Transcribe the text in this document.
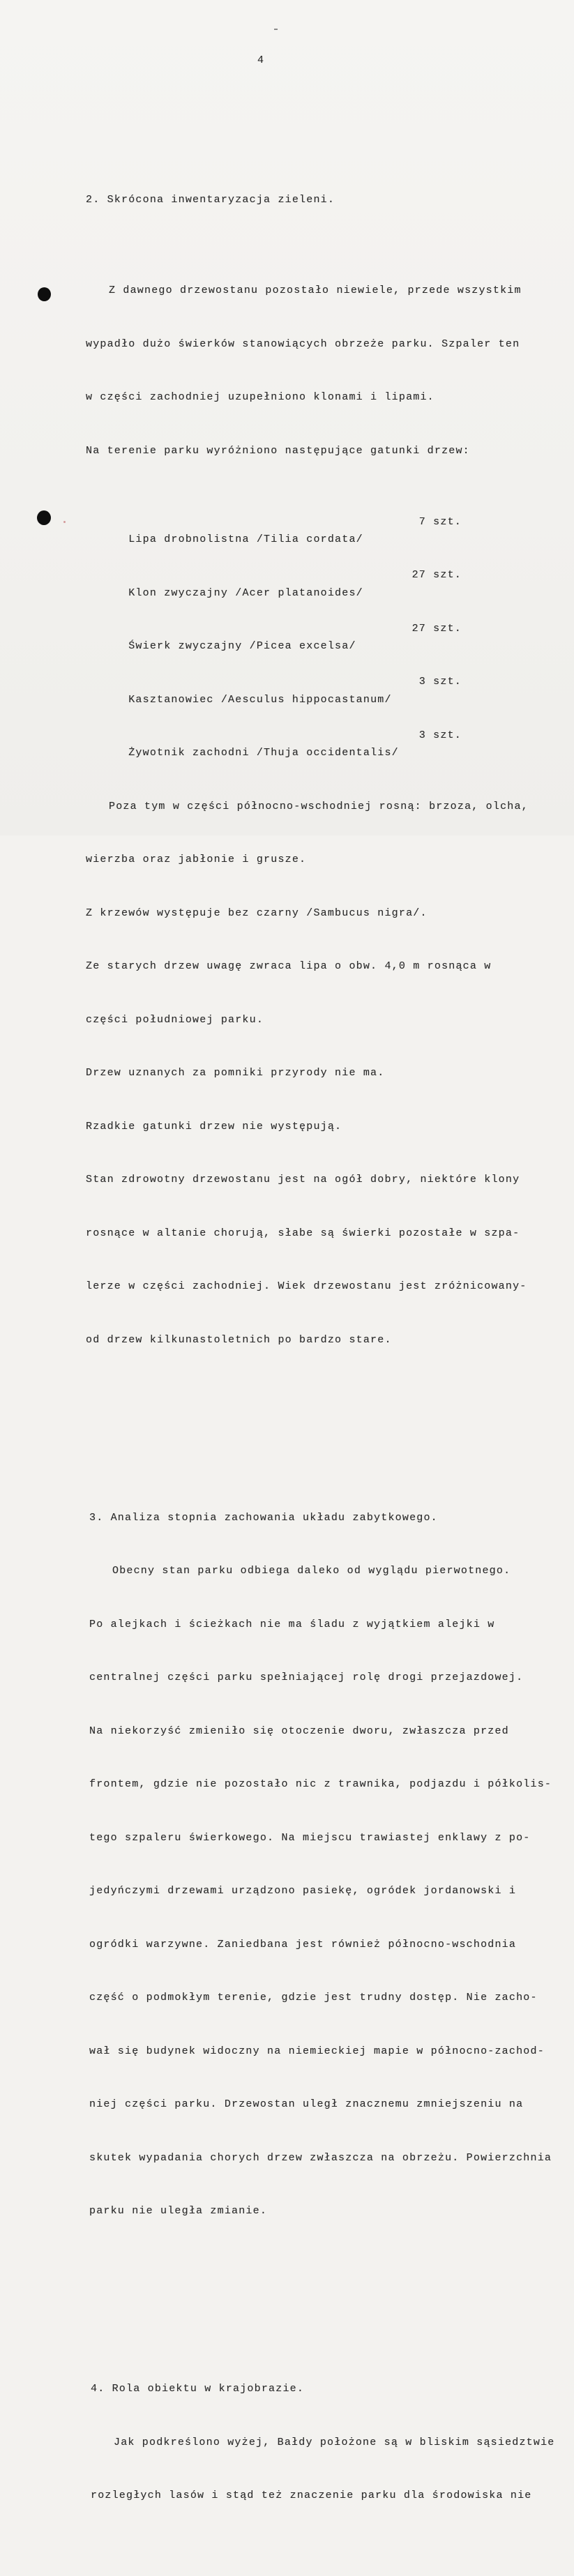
4

2. Skrócona inwentaryzacja zieleni.

Z dawnego drzewostanu pozostało niewiele, przede wszystkim

wypadło dużo świerków stanowiących obrzeże parku. Szpaler ten

w części zachodniej uzupełniono klonami i lipami.

Na terenie parku wyróżniono następujące gatunki drzew:

Lipa drobnolistna /Tilia cordata/

7 szt.

Klon zwyczajny /Acer platanoides/

27 szt.

Świerk zwyczajny /Picea excelsa/

27 szt.

Kasztanowiec /Aesculus hippocastanum/

3 szt.

Żywotnik zachodni /Thuja occidentalis/

3 szt.

Poza tym w części północno-wschodniej rosną: brzoza, olcha,

wierzba oraz jabłonie i grusze.

Z krzewów występuje bez czarny /Sambucus nigra/.

Ze starych drzew uwagę zwraca lipa o obw. 4,0 m rosnąca w

części południowej parku.

Drzew uznanych za pomniki przyrody nie ma.

Rzadkie gatunki drzew nie występują.

Stan zdrowotny drzewostanu jest na ogół dobry, niektóre klony

rosnące w altanie chorują, słabe są świerki pozostałe w szpa-

lerze w części zachodniej. Wiek drzewostanu jest zróżnicowany-

od drzew kilkunastoletnich po bardzo stare.

3. Analiza stopnia zachowania układu zabytkowego.

Obecny stan parku odbiega daleko od wyglądu pierwotnego.

Po alejkach i ścieżkach nie ma śladu z wyjątkiem alejki w

centralnej części parku spełniającej rolę drogi przejazdowej.

Na niekorzyść zmieniło się otoczenie dworu, zwłaszcza przed

frontem, gdzie nie pozostało nic z trawnika, podjazdu i półkolis-

tego szpaleru świerkowego. Na miejscu trawiastej enklawy z po-

jedyńczymi drzewami urządzono pasiekę, ogródek jordanowski i

ogródki warzywne. Zaniedbana jest również północno-wschodnia

część o podmokłym terenie, gdzie jest trudny dostęp. Nie zacho-

wał się budynek widoczny na niemieckiej mapie w północno-zachod-

niej części parku. Drzewostan uległ znacznemu zmniejszeniu na

skutek wypadania chorych drzew zwłaszcza na obrzeżu. Powierzchnia

parku nie uległa zmianie.

4. Rola obiektu w krajobrazie.

Jak podkreślono wyżej, Bałdy położone są w bliskim sąsiedztwie

rozległych lasów i stąd też znaczenie parku dla środowiska nie
